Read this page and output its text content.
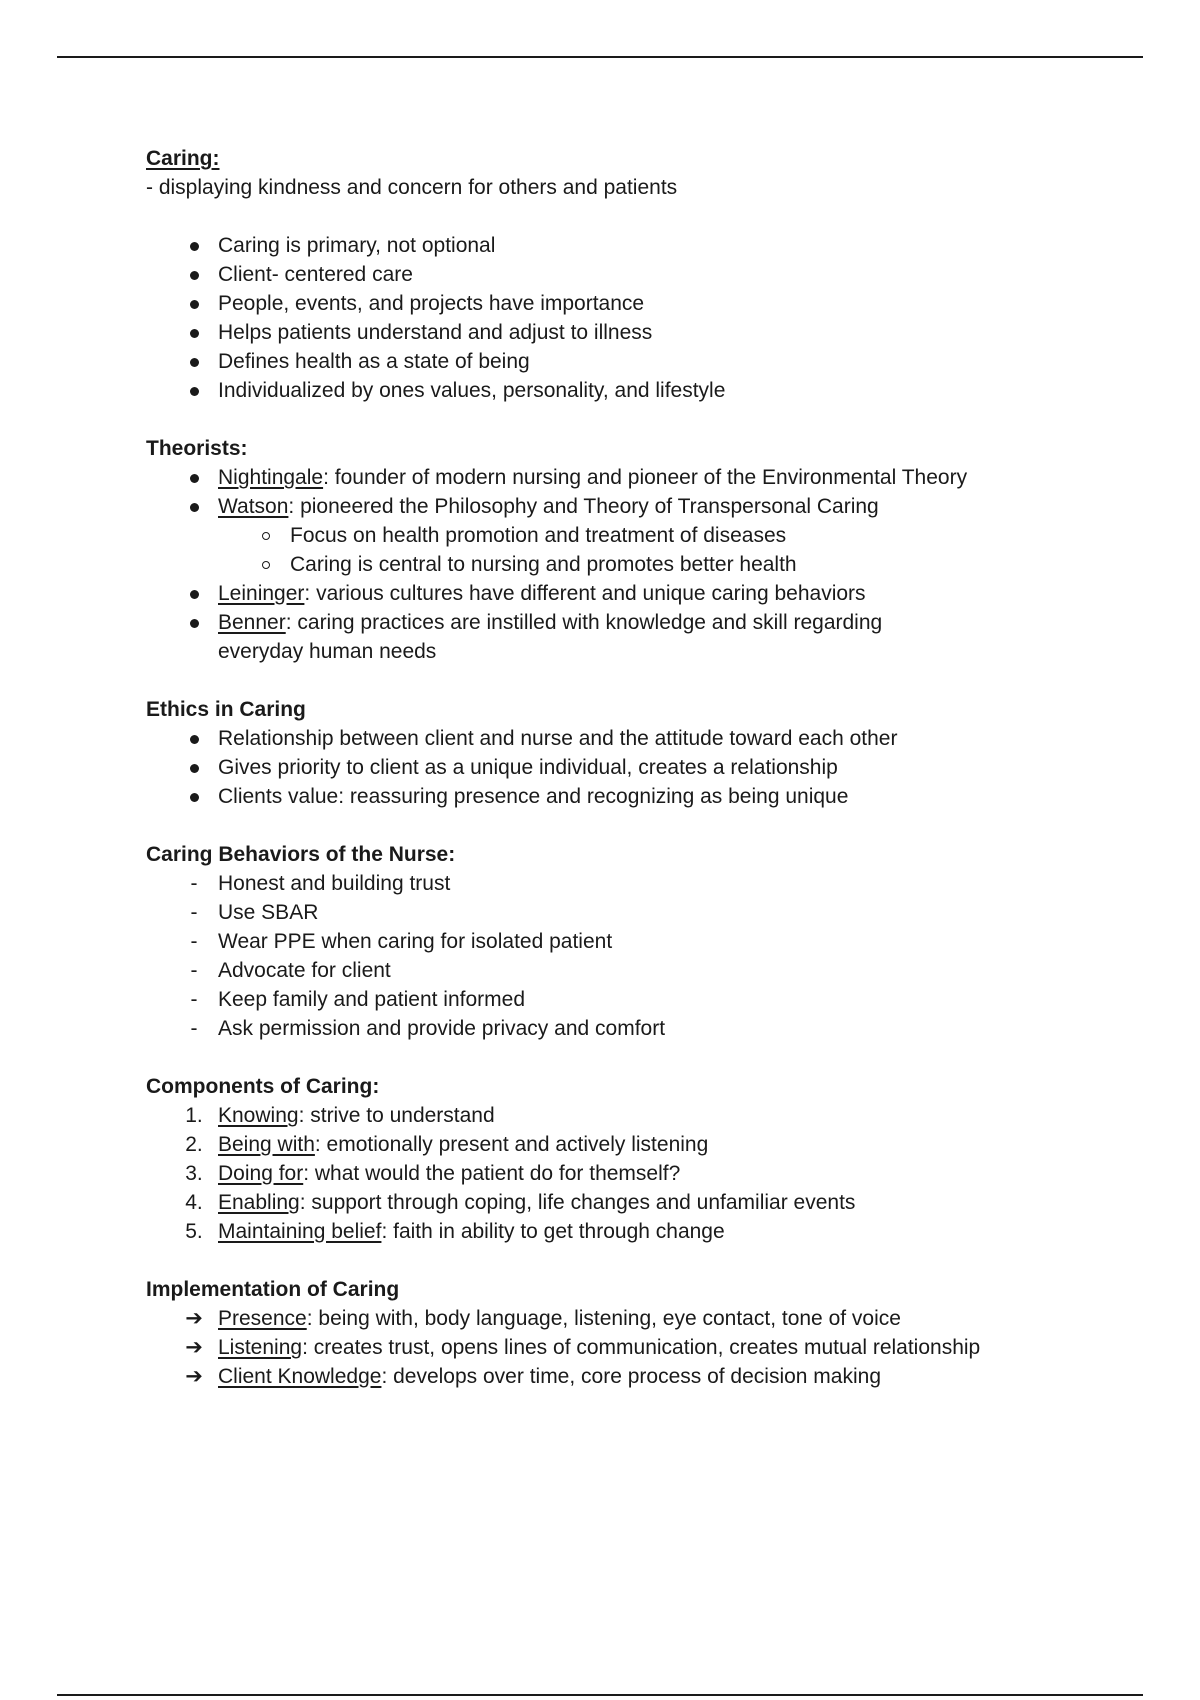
Caring:
- displaying kindness and concern for others and patients
Caring is primary, not optional
Client- centered care
People, events, and projects have importance
Helps patients understand and adjust to illness
Defines health as a state of being
Individualized by ones values, personality, and lifestyle
Theorists:
Nightingale: founder of modern nursing and pioneer of the Environmental Theory
Watson: pioneered the Philosophy and Theory of Transpersonal Caring
Focus on health promotion and treatment of diseases
Caring is central to nursing and promotes better health
Leininger: various cultures have different and unique caring behaviors
Benner: caring practices are instilled with knowledge and skill regarding everyday human needs
Ethics in Caring
Relationship between client and nurse and the attitude toward each other
Gives priority to client as a unique individual, creates a relationship
Clients value: reassuring presence and recognizing as being unique
Caring Behaviors of the Nurse:
- Honest and building trust
- Use SBAR
- Wear PPE when caring for isolated patient
- Advocate for client
- Keep family and patient informed
- Ask permission and provide privacy and comfort
Components of Caring:
1. Knowing: strive to understand
2. Being with: emotionally present and actively listening
3. Doing for: what would the patient do for themself?
4. Enabling: support through coping, life changes and unfamiliar events
5. Maintaining belief: faith in ability to get through change
Implementation of Caring
➔ Presence: being with, body language, listening, eye contact, tone of voice
➔ Listening: creates trust, opens lines of communication, creates mutual relationship
➔ Client Knowledge: develops over time, core process of decision making
